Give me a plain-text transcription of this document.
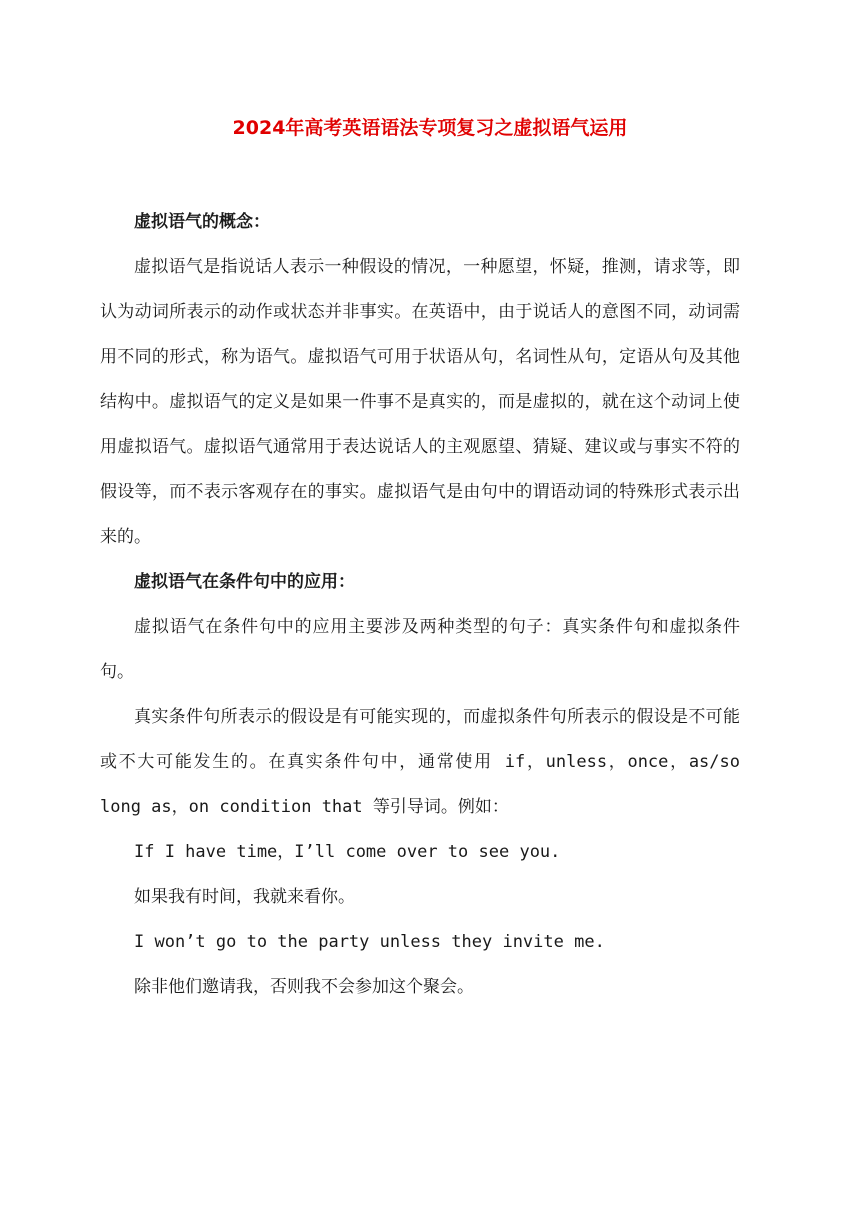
2024年高考英语语法专项复习之虚拟语气运用

虚拟语气的概念：

虚拟语气是指说话人表示一种假设的情况，一种愿望，怀疑，推测，请求等，即认为动词所表示的动作或状态并非事实。在英语中，由于说话人的意图不同，动词需用不同的形式，称为语气。虚拟语气可用于状语从句，名词性从句，定语从句及其他结构中。虚拟语气的定义是如果一件事不是真实的，而是虚拟的，就在这个动词上使用虚拟语气。虚拟语气通常用于表达说话人的主观愿望、猜疑、建议或与事实不符的假设等，而不表示客观存在的事实。虚拟语气是由句中的谓语动词的特殊形式表示出来的。

虚拟语气在条件句中的应用：

虚拟语气在条件句中的应用主要涉及两种类型的句子：真实条件句和虚拟条件句。

真实条件句所表示的假设是有可能实现的，而虚拟条件句所表示的假设是不可能或不大可能发生的。在真实条件句中，通常使用 if，unless，once，as/so long as，on condition that 等引导词。例如：

If I have time，I’ll come over to see you.

如果我有时间，我就来看你。

I won’t go to the party unless they invite me.

除非他们邀请我，否则我不会参加这个聚会。
